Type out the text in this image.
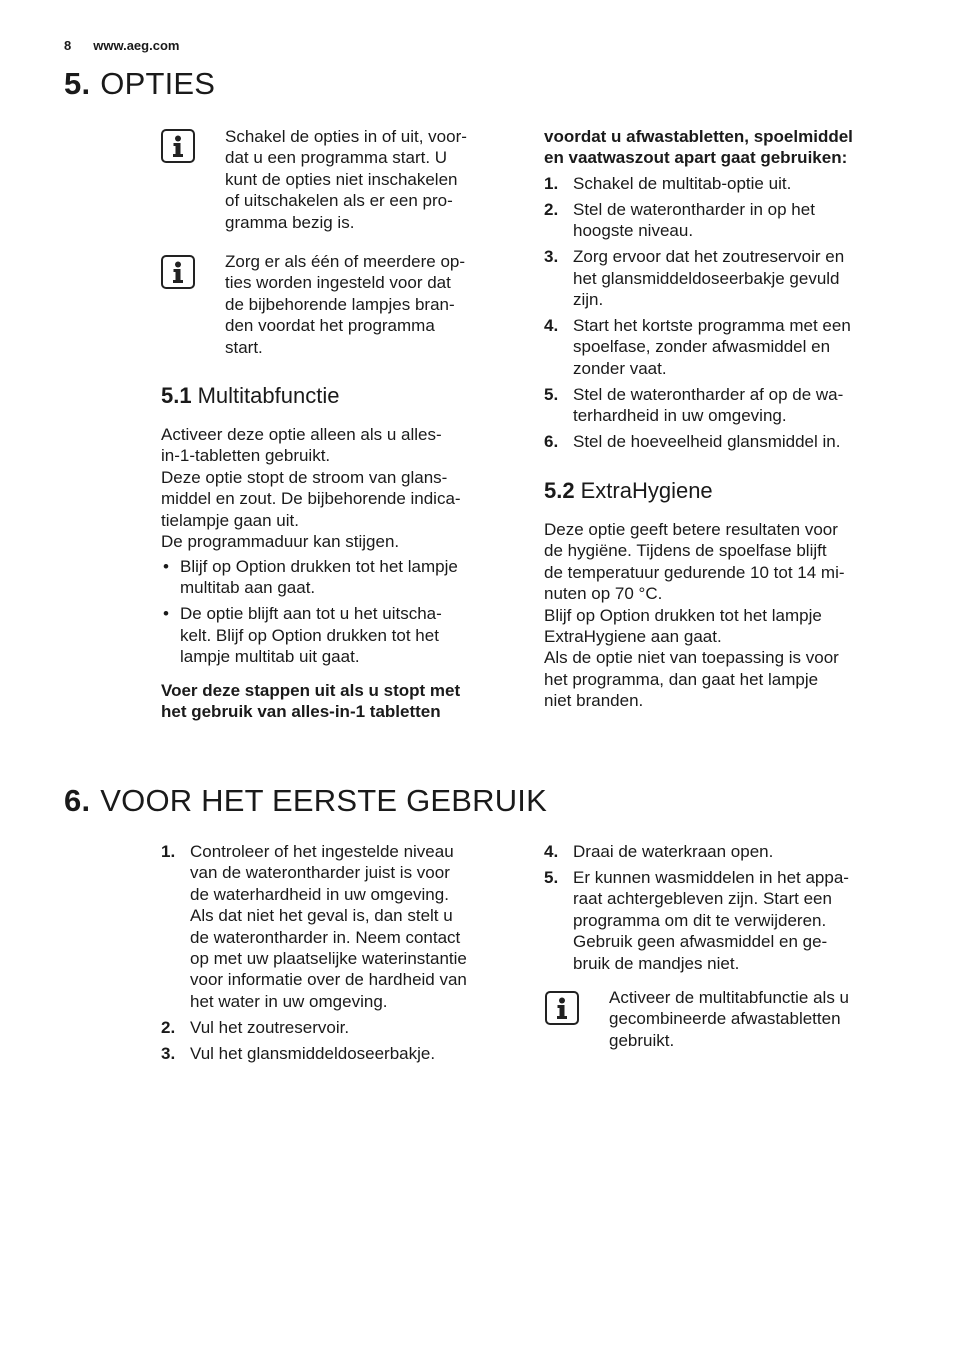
8 www.aeg.com
5. OPTIES
Schakel de opties in of uit, voor-
dat u een programma start. U
kunt de opties niet inschakelen
of uitschakelen als er een pro-
gramma bezig is.
Zorg er als één of meerdere op-
ties worden ingesteld voor dat
de bijbehorende lampjes bran-
den voordat het programma
start.
5.1 Multitabfunctie
Activeer deze optie alleen als u alles-
in-1-tabletten gebruikt.
Deze optie stopt de stroom van glans-
middel en zout. De bijbehorende indica-
tielampje gaan uit.
De programmaduur kan stijgen.
• Blijf op Option drukken tot het lampje
multitab aan gaat.
• De optie blijft aan tot u het uitscha-
kelt. Blijf op Option drukken tot het
lampje multitab uit gaat.
Voer deze stappen uit als u stopt met
het gebruik van alles-in-1 tabletten
voordat u afwastabletten, spoelmiddel
en vaatwaszout apart gaat gebruiken:
1. Schakel de multitab-optie uit.
2. Stel de waterontharder in op het
hoogste niveau.
3. Zorg ervoor dat het zoutreservoir en
het glansmiddeldoseerbakje gevuld
zijn.
4. Start het kortste programma met een
spoelfase, zonder afwasmiddel en
zonder vaat.
5. Stel de waterontharder af op de wa-
terhardheid in uw omgeving.
6. Stel de hoeveelheid glansmiddel in.
5.2 ExtraHygiene
Deze optie geeft betere resultaten voor
de hygiëne. Tijdens de spoelfase blijft
de temperatuur gedurende 10 tot 14 mi-
nuten op 70 °C.
Blijf op Option drukken tot het lampje
ExtraHygiene aan gaat.
Als de optie niet van toepassing is voor
het programma, dan gaat het lampje
niet branden.
6. VOOR HET EERSTE GEBRUIK
1. Controleer of het ingestelde niveau
van de waterontharder juist is voor
de waterhardheid in uw omgeving.
Als dat niet het geval is, dan stelt u
de waterontharder in. Neem contact
op met uw plaatselijke waterinstantie
voor informatie over de hardheid van
het water in uw omgeving.
2. Vul het zoutreservoir.
3. Vul het glansmiddeldoseerbakje.
4. Draai de waterkraan open.
5. Er kunnen wasmiddelen in het appa-
raat achtergebleven zijn. Start een
programma om dit te verwijderen.
Gebruik geen afwasmiddel en ge-
bruik de mandjes niet.
Activeer de multitabfunctie als u
gecombineerde afwastabletten
gebruikt.
